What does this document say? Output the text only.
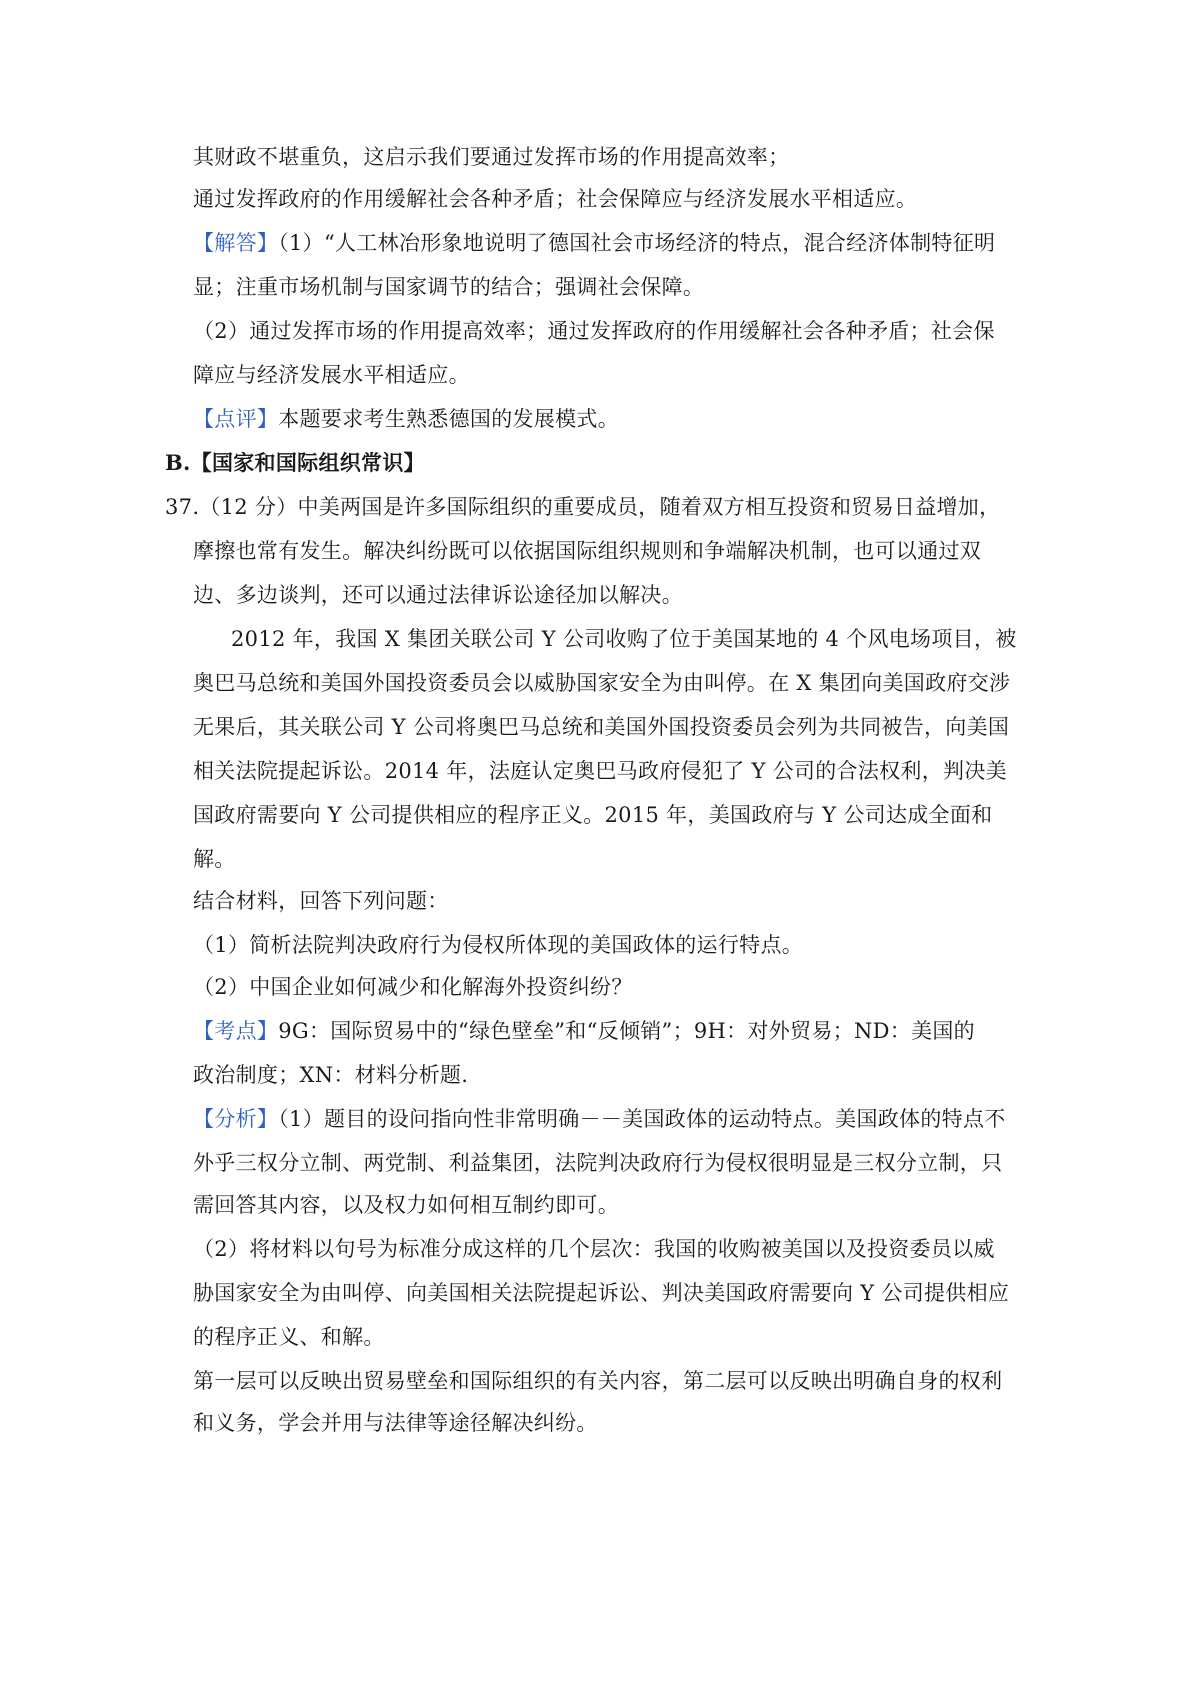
其财政不堪重负，这启示我们要通过发挥市场的作用提高效率；
通过发挥政府的作用缓解社会各种矛盾；社会保障应与经济发展水平相适应。
【解答】（1）“人工林冶形象地说明了德国社会市场经济的特点，混合经济体制特征明
显；注重市场机制与国家调节的结合；强调社会保障。
（2）通过发挥市场的作用提高效率；通过发挥政府的作用缓解社会各种矛盾；社会保
障应与经济发展水平相适应。
【点评】本题要求考生熟悉德国的发展模式。
B.【国家和国际组织常识】
37.（12 分）中美两国是许多国际组织的重要成员，随着双方相互投资和贸易日益增加，
摩擦也常有发生。解决纠纷既可以依据国际组织规则和争端解决机制，也可以通过双
边、多边谈判，还可以通过法律诉讼途径加以解决。
2012 年，我国 X 集团关联公司 Y 公司收购了位于美国某地的 4 个风电场项目，被
奥巴马总统和美国外国投资委员会以威胁国家安全为由叫停。在 X 集团向美国政府交涉
无果后，其关联公司 Y 公司将奥巴马总统和美国外国投资委员会列为共同被告，向美国
相关法院提起诉讼。2014 年，法庭认定奥巴马政府侵犯了 Y 公司的合法权利，判决美
国政府需要向 Y 公司提供相应的程序正义。2015 年，美国政府与 Y 公司达成全面和
解。
结合材料，回答下列问题：
（1）简析法院判决政府行为侵权所体现的美国政体的运行特点。
（2）中国企业如何减少和化解海外投资纠纷？
【考点】9G：国际贸易中的“绿色壁垒”和“反倾销”；9H：对外贸易；ND：美国的
政治制度；XN：材料分析题.
【分析】（1）题目的设问指向性非常明确－－美国政体的运动特点。美国政体的特点不
外乎三权分立制、两党制、利益集团，法院判决政府行为侵权很明显是三权分立制，只
需回答其内容，以及权力如何相互制约即可。
（2）将材料以句号为标准分成这样的几个层次：我国的收购被美国以及投资委员以威
胁国家安全为由叫停、向美国相关法院提起诉讼、判决美国政府需要向 Y 公司提供相应
的程序正义、和解。
第一层可以反映出贸易壁垒和国际组织的有关内容，第二层可以反映出明确自身的权利
和义务，学会并用与法律等途径解决纠纷。
